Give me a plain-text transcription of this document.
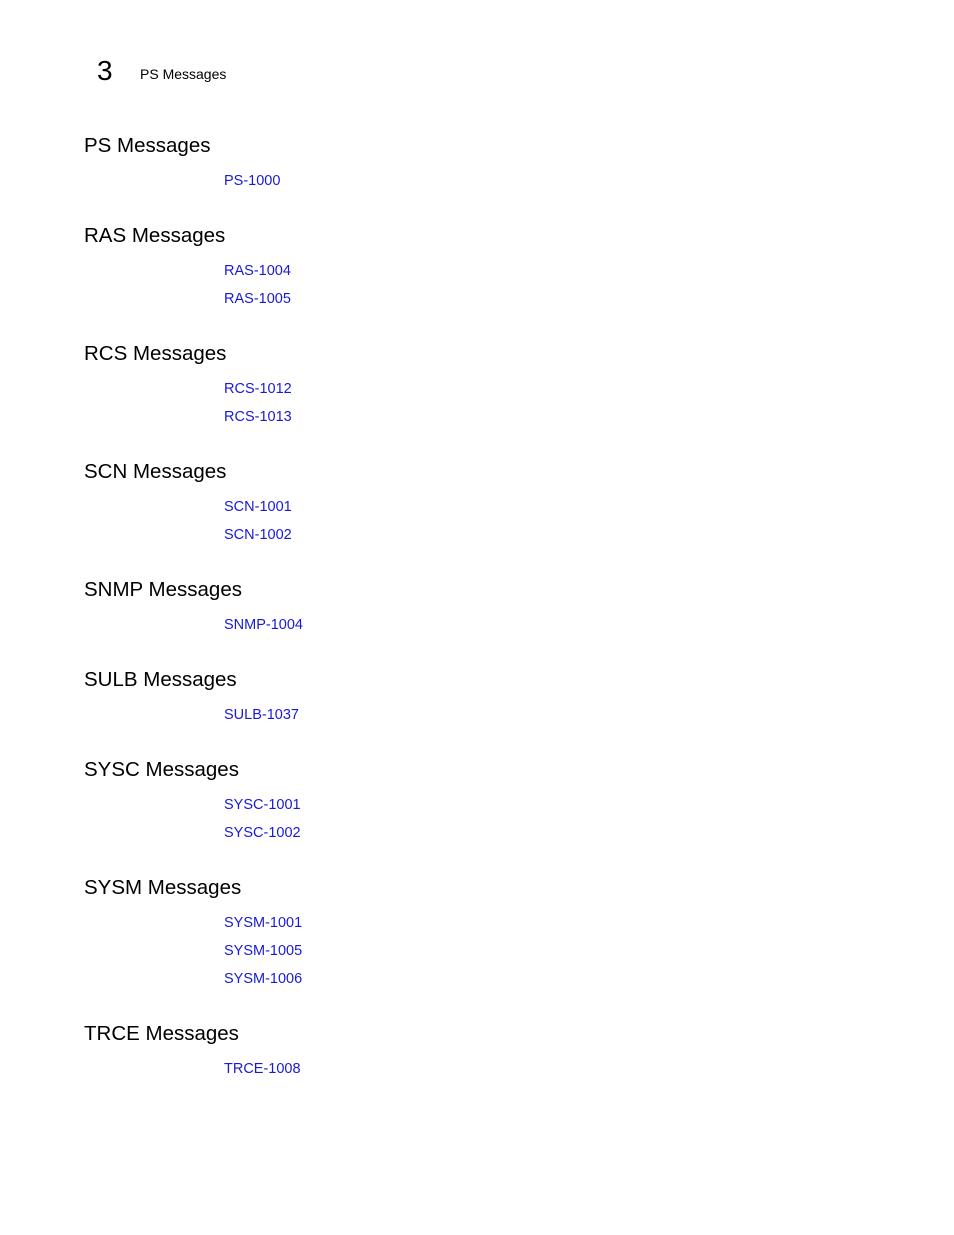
3 PS Messages
PS Messages
PS-1000
RAS Messages
RAS-1004
RAS-1005
RCS Messages
RCS-1012
RCS-1013
SCN Messages
SCN-1001
SCN-1002
SNMP Messages
SNMP-1004
SULB Messages
SULB-1037
SYSC Messages
SYSC-1001
SYSC-1002
SYSM Messages
SYSM-1001
SYSM-1005
SYSM-1006
TRCE Messages
TRCE-1008
